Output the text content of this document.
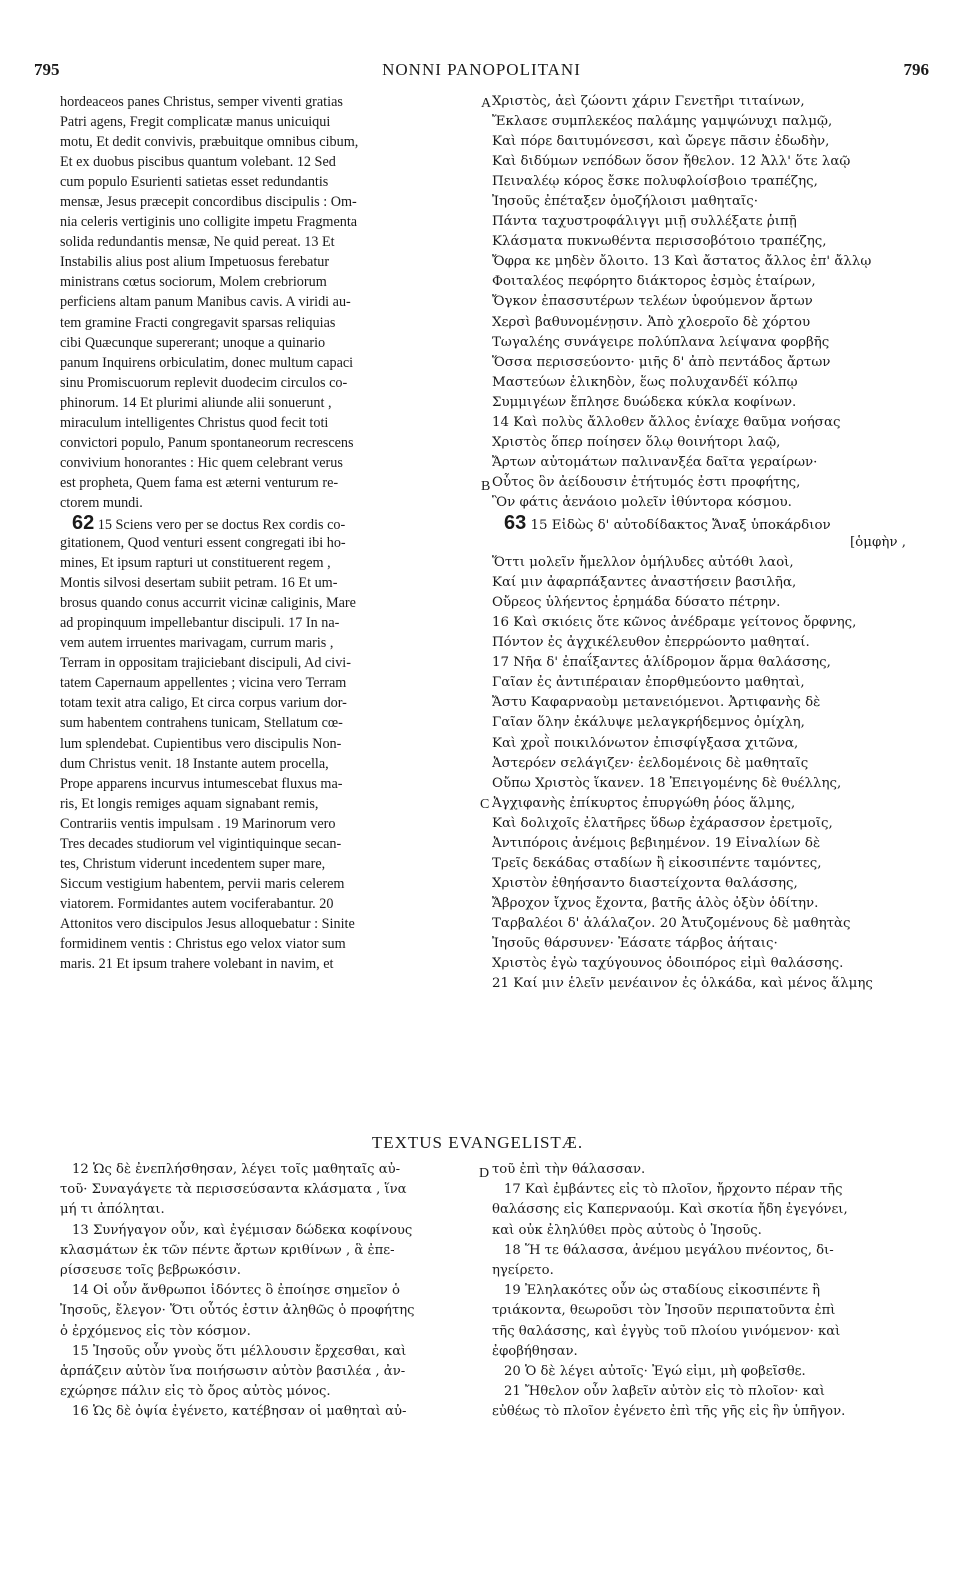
795	NONNI PANOPOLITANI	796
A
B
C
D
hordeaceos panes Christus, semper viventi gratias
Patri agens, Fregit complicatæ manus unicuiqui
motu, Et dedit convivis, præbuitque omnibus cibum,
Et ex duobus piscibus quantum volebant. 12 Sed
cum populo Esurienti satietas esset redundantis
mensæ, Jesus præcepit concordibus discipulis : Om-
nia celeris vertiginis uno colligite impetu Fragmenta
solida redundantis mensæ, Ne quid pereat. 13 Et
Instabilis alius post alium Impetuosus ferebatur
ministrans cœtus sociorum, Molem crebriorum
perficiens altam panum Manibus cavis. A viridi au-
tem gramine Fracti congregavit sparsas reliquias
cibi Quæcunque supererant; unoque a quinario
panum Inquirens orbiculatim, donec multum capaci
sinu Promiscuorum replevit duodecim circulos co-
phinorum. 14 Et plurimi aliunde alii sonuerunt ,
miraculum intelligentes Christus quod fecit toti
convictori populo, Panum spontaneorum recrescens
convivium honorantes : Hic quem celebrant verus
est propheta, Quem fama est æterni venturum re-
ctorem mundi.
62 15 Sciens vero per se doctus Rex cordis co-
gitationem, Quod venturi essent congregati ibi ho-
mines, Et ipsum rapturi ut constituerent regem ,
Montis silvosi desertam subiit petram. 16 Et um-
brosus quando conus accurrit vicinæ caliginis, Mare
ad propinquum impellebantur discipuli. 17 In na-
vem autem irruentes marivagam, currum maris ,
Terram in oppositam trajiciebant discipuli, Ad civi-
tatem Capernaum appellentes ; vicina vero Terram
totam texit atra caligo, Et circa corpus varium dor-
sum habentem contrahens tunicam, Stellatum cœ-
lum splendebat. Cupientibus vero discipulis Non-
dum Christus venit. 18 Instante autem procella,
Prope apparens incurvus intumescebat fluxus ma-
ris, Et longis remiges aquam signabant remis,
Contrariis ventis impulsam . 19 Marinorum vero
Tres decades studiorum vel vigintiquinque secan-
tes, Christum viderunt incedentem super mare,
Siccum vestigium habentem, pervii maris celerem
viatorem. Formidantes autem vociferabantur. 20
Attonitos vero discipulos Jesus alloquebatur : Sinite
formidinem ventis : Christus ego velox viator sum
maris. 21 Et ipsum trahere volebant in navim, et
Χριστὸς, ἀεὶ ζώοντι χάριν Γενετῆρι τιταίνων,
Ἔκλασε συμπλεκέος παλάμης γαμψώνυχι παλμῷ,
Καὶ πόρε δαιτυμόνεσσι, καὶ ὤρεγε πᾶσιν ἐδωδὴν,
Καὶ διδύμων νεπόδων ὅσον ἤθελον. 12 Ἀλλ' ὅτε λαῷ
Πειναλέῳ κόρος ἔσκε πολυφλοίσβοιο τραπέζης,
Ἰησοῦς ἐπέταξεν ὁμοζήλοισι μαθηταῖς·
Πάντα ταχυστροφάλιγγι μιῇ συλλέξατε ῥιπῇ
Κλάσματα πυκνωθέντα περισσοβότοιο τραπέζης,
Ὄφρα κε μηδὲν ὄλοιτο. 13 Καὶ ἄστατος ἄλλος ἐπ' ἄλλῳ
Φοιταλέος πεφόρητο διάκτορος ἐσμὸς ἑταίρων,
Ὄγκον ἐπασσυτέρων τελέων ὑφούμενον ἄρτων
Χερσὶ βαθυνομένῃσιν. Ἀπὸ χλοεροῖο δὲ χόρτου
Τωγαλέης συνάγειρε πολύπλανα λείψανα φορβῆς
Ὅσσα περισσεύοντο· μιῆς δ' ἀπὸ πεντάδος ἄρτων
Μαστεύων ἑλικηδὸν, ἕως πολυχανδέϊ κόλπῳ
Συμμιγέων ἔπλησε δυώδεκα κύκλα κοφίνων.
14 Καὶ πολὺς ἄλλοθεν ἄλλος ἐνίαχε θαῦμα νοήσας
Χριστὸς ὅπερ ποίησεν ὅλῳ θοινήτορι λαῷ,
Ἄρτων αὐτομάτων παλινανξέα δαῖτα γεραίρων·
Οὗτος ὃν ἀείδουσιν ἐτήτυμός ἐστι προφήτης,
Ὃν φάτις ἀενάοιο μολεῖν ἰθύντορα κόσμου.
63 15 Εἰδὼς δ' αὐτοδίδακτος Ἄναξ ὑποκάρδιον
[ὁμφὴν ,
Ὅττι μολεῖν ἤμελλον ὁμήλυδες αὐτόθι λαοὶ,
Καί μιν ἀφαρπάξαντες ἀναστήσειν βασιλῆα,
Οὔρεος ὑλήεντος ἐρημάδα δύσατο πέτρην.
16 Καὶ σκιόεις ὅτε κῶνος ἀνέδραμε γείτονος ὄρφνης,
Πόντον ἐς ἀγχικέλευθον ἐπερρώοντο μαθηταί.
17 Νῆα δ' ἐπαΐξαντες ἁλίδρομον ἅρμα θαλάσσης,
Γαῖαν ἐς ἀντιπέραιαν ἐπορθμεύοντο μαθηταὶ,
Ἄστυ Καφαρναοὺμ μετανειόμενοι. Ἀρτιφανὴς δὲ
Γαῖαν ὅλην ἐκάλυψε μελαγκρήδεμνος ὀμίχλη,
Καὶ χροῒ ποικιλόνωτον ἐπισφίγξασα χιτῶνα,
Ἀστερόεν σελάγιζεν· ἐελδομένοις δὲ μαθηταῖς
Οὔπω Χριστὸς ἵκανεν. 18 Ἐπειγομένης δὲ θυέλλης,
Ἀγχιφανὴς ἐπίκυρτος ἐπυργώθη ῥόος ἅλμης,
Καὶ δολιχοῖς ἐλατῆρες ὕδωρ ἐχάρασσον ἐρετμοῖς,
Ἀντιπόροις ἀνέμοις βεβιημένον. 19 Εἰναλίων δὲ
Τρεῖς δεκάδας σταδίων ἢ εἰκοσιπέντε ταμόντες,
Χριστὸν ἐθηήσαντο διαστείχοντα θαλάσσης,
Ἄβροχον ἴχνος ἔχοντα, βατῆς ἁλὸς ὀξὺν ὁδίτην.
Ταρβαλέοι δ' ἀλάλαζον. 20 Ἀτυζομένους δὲ μαθητὰς
Ἰησοῦς θάρσυνεν· Ἐάσατε τάρβος ἀήταις·
Χριστὸς ἐγὼ ταχύγουνος ὁδοιπόρος εἰμὶ θαλάσσης.
21 Καί μιν ἑλεῖν μενέαινον ἐς ὁλκάδα, καὶ μένος ἅλμης
TEXTUS EVANGELISTÆ.
12 Ὡς δὲ ἐνεπλήσθησαν, λέγει τοῖς μαθηταῖς αὐ-
τοῦ· Συναγάγετε τὰ περισσεύσαντα κλάσματα , ἵνα
μή τι ἀπόληται.
13 Συνήγαγον οὖν, καὶ ἐγέμισαν δώδεκα κοφίνους
κλασμάτων ἐκ τῶν πέντε ἄρτων κριθίνων , ἃ ἐπε-
ρίσσευσε τοῖς βεβρωκόσιν.
14 Οἱ οὖν ἄνθρωποι ἰδόντες ὃ ἐποίησε σημεῖον ὁ
Ἰησοῦς, ἔλεγον· Ὅτι οὗτός ἐστιν ἀληθῶς ὁ προφήτης
ὁ ἐρχόμενος εἰς τὸν κόσμον.
15 Ἰησοῦς οὖν γνοὺς ὅτι μέλλουσιν ἔρχεσθαι, καὶ
ἁρπάζειν αὐτὸν ἵνα ποιήσωσιν αὐτὸν βασιλέα , ἀν-
εχώρησε πάλιν εἰς τὸ ὄρος αὐτὸς μόνος.
16 Ὡς δὲ ὀψία ἐγένετο, κατέβησαν οἱ μαθηταὶ αὐ-
τοῦ ἐπὶ τὴν θάλασσαν.
17 Καὶ ἐμβάντες εἰς τὸ πλοῖον, ἤρχοντο πέραν τῆς
θαλάσσης εἰς Καπερναούμ. Καὶ σκοτία ἤδη ἐγεγόνει,
καὶ οὐκ ἐληλύθει πρὸς αὐτοὺς ὁ Ἰησοῦς.
18 Ἥ τε θάλασσα, ἀνέμου μεγάλου πνέοντος, δι-
ηγείρετο.
19 Ἐληλακότες οὖν ὡς σταδίους εἰκοσιπέντε ἢ
τριάκοντα, θεωροῦσι τὸν Ἰησοῦν περιπατοῦντα ἐπὶ
τῆς θαλάσσης, καὶ ἐγγὺς τοῦ πλοίου γινόμενον· καὶ
ἐφοβήθησαν.
20 Ὁ δὲ λέγει αὐτοῖς· Ἐγώ εἰμι, μὴ φοβεῖσθε.
21 Ἤθελον οὖν λαβεῖν αὐτὸν εἰς τὸ πλοῖον· καὶ
εὐθέως τὸ πλοῖον ἐγένετο ἐπὶ τῆς γῆς εἰς ἣν ὑπῆγον.
